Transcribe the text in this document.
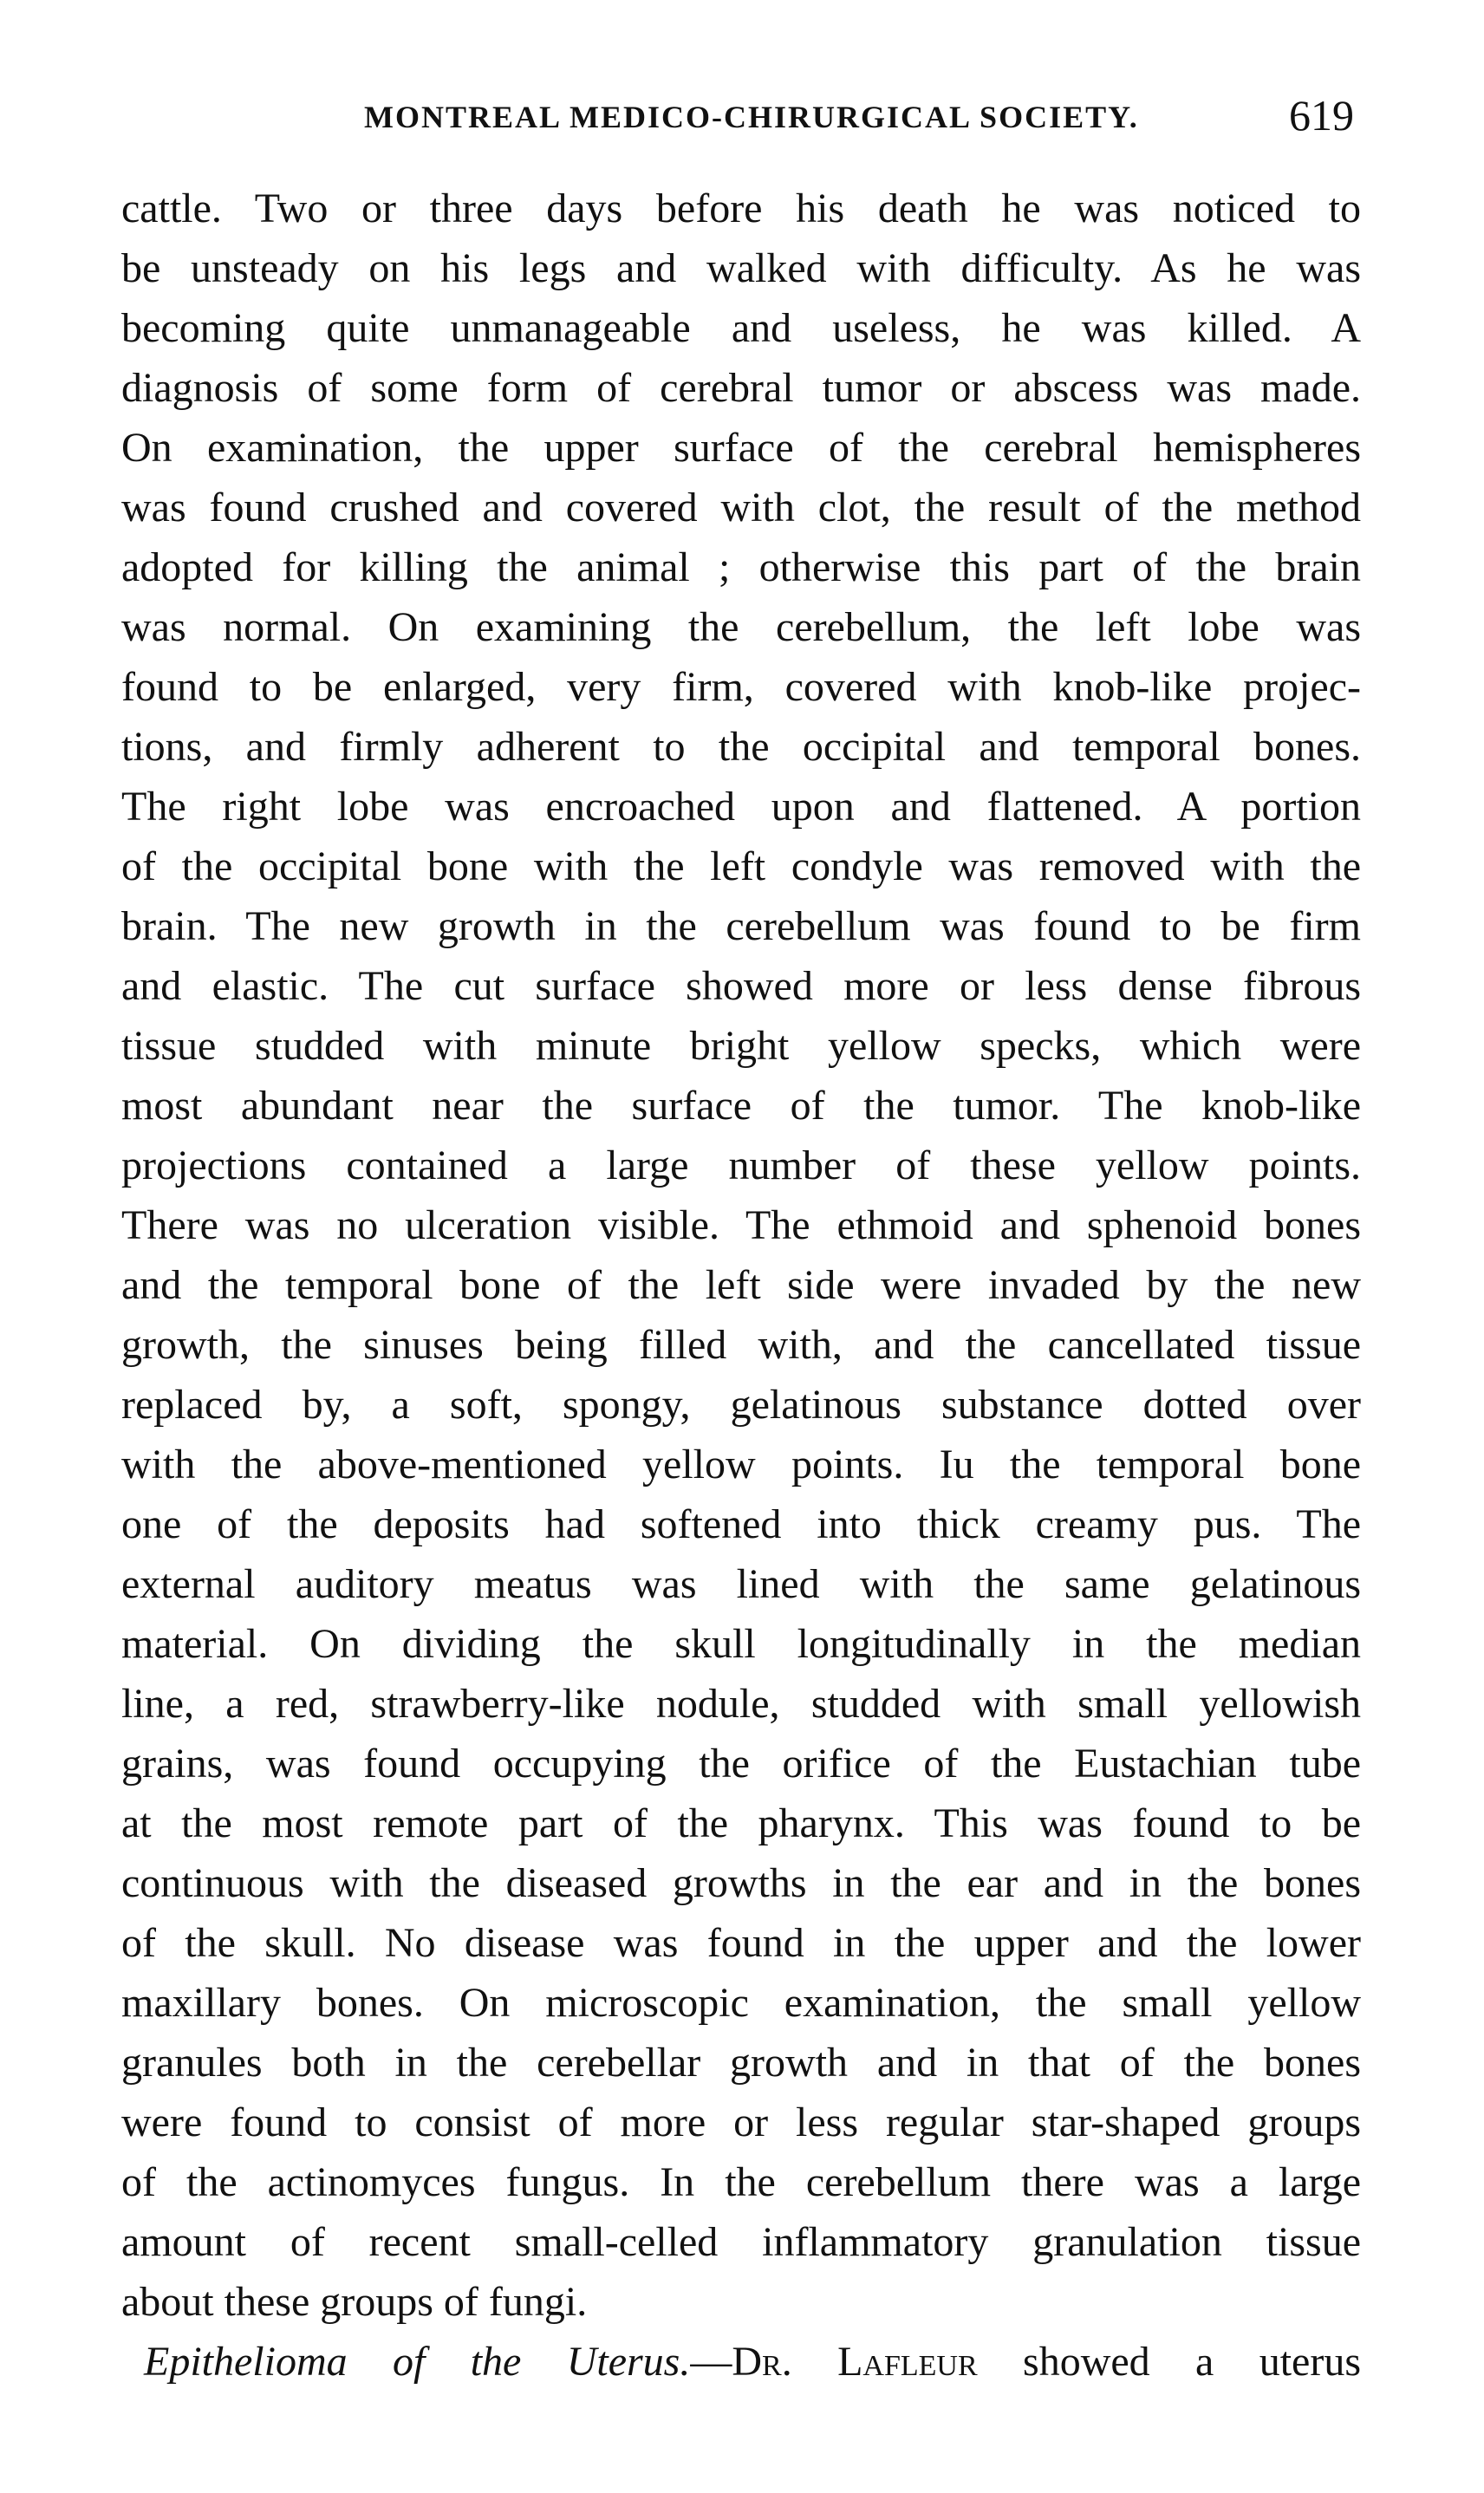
MONTREAL MEDICO-CHIRURGICAL SOCIETY.	619
cattle. Two or three days before his death he was noticed to
be unsteady on his legs and walked with difficulty. As he was
becoming quite unmanageable and useless, he was killed. A
diagnosis of some form of cerebral tumor or abscess was made.
On examination, the upper surface of the cerebral hemispheres
was found crushed and covered with clot, the result of the method
adopted for killing the animal ; otherwise this part of the brain
was normal. On examining the cerebellum, the left lobe was
found to be enlarged, very firm, covered with knob-like projec-
tions, and firmly adherent to the occipital and temporal bones.
The right lobe was encroached upon and flattened. A portion
of the occipital bone with the left condyle was removed with the
brain. The new growth in the cerebellum was found to be firm
and elastic. The cut surface showed more or less dense fibrous
tissue studded with minute bright yellow specks, which were
most abundant near the surface of the tumor. The knob-like
projections contained a large number of these yellow points.
There was no ulceration visible. The ethmoid and sphenoid bones
and the temporal bone of the left side were invaded by the new
growth, the sinuses being filled with, and the cancellated tissue
replaced by, a soft, spongy, gelatinous substance dotted over
with the above-mentioned yellow points. Iu the temporal bone
one of the deposits had softened into thick creamy pus. The
external auditory meatus was lined with the same gelatinous
material. On dividing the skull longitudinally in the median
line, a red, strawberry-like nodule, studded with small yellowish
grains, was found occupying the orifice of the Eustachian tube
at the most remote part of the pharynx. This was found to be
continuous with the diseased growths in the ear and in the bones
of the skull. No disease was found in the upper and the lower
maxillary bones. On microscopic examination, the small yellow
granules both in the cerebellar growth and in that of the bones
were found to consist of more or less regular star-shaped groups
of the actinomyces fungus. In the cerebellum there was a large
amount of recent small-celled inflammatory granulation tissue
about these groups of fungi.
Epithelioma of the Uterus.—Dr. Lafleur showed a uterus
